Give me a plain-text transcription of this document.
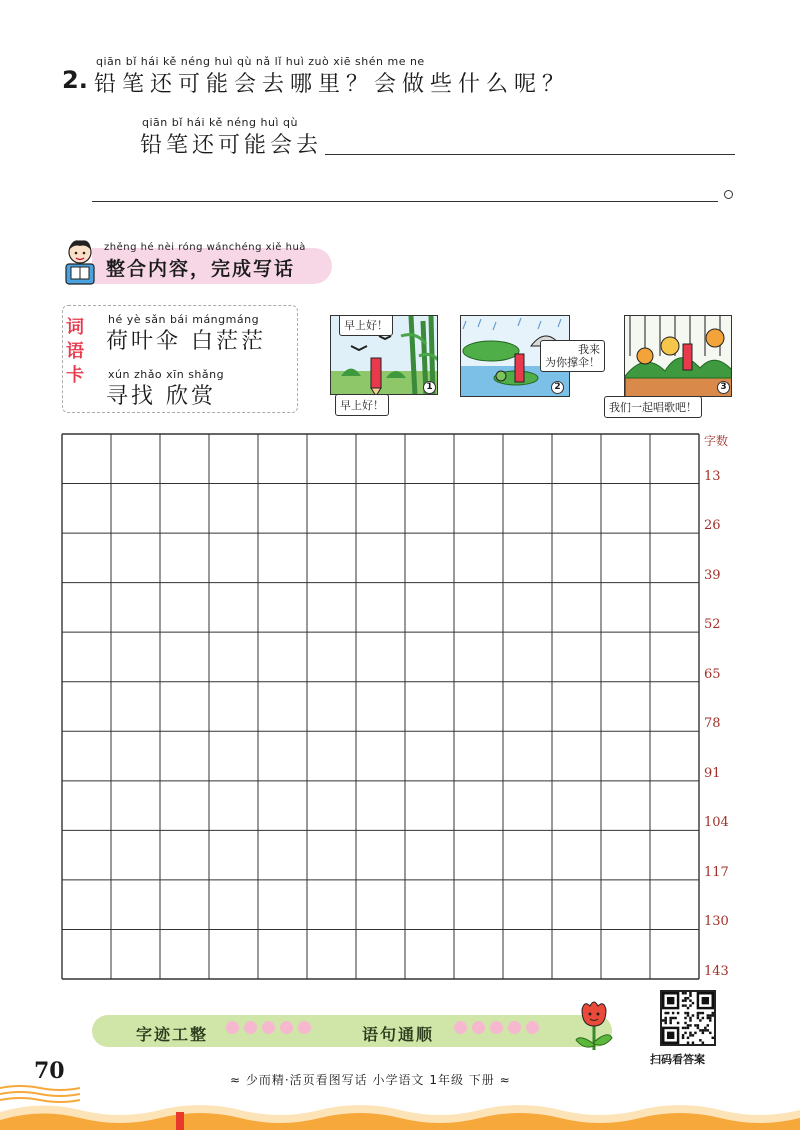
2.
qiān bǐ hái kě néng huì qù nǎ lǐ huì zuò xiē shén me ne
铅笔还可能会去哪里？会做些什么呢？
qiān bǐ hái kě néng huì qù
铅笔还可能会去
zhěng hé nèi róng wánchéng xiě huà
整合内容，完成写话
词
语
卡
hé yè sǎn bái mángmáng
荷叶伞 白茫茫
xún zhǎo xīn shǎng
寻找 欣赏
早上好！
早上好！
1
我来
为你撑伞！
2
我们一起唱歌吧！
3
字数
13
26
39
52
65
78
91
104
117
130
143
字迹工整	语句通顺
扫码看答案
70	≈ 少而精·活页看图写话 小学语文 1年级 下册 ≈
